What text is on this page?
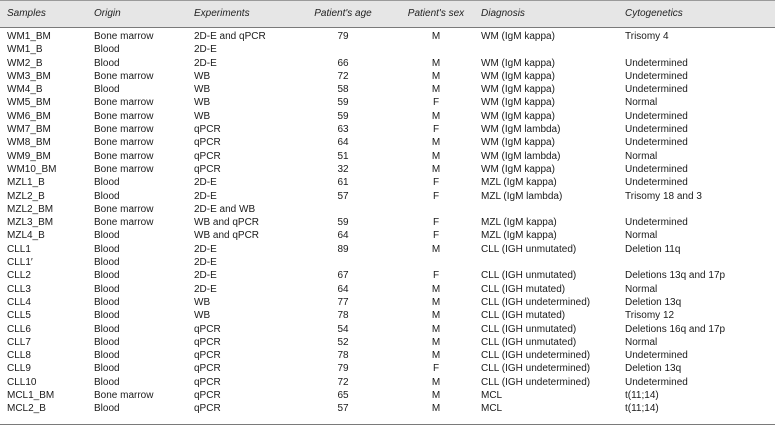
Samples	Origin	Experiments	Patient's age	Patient's sex	Diagnosis	Cytogenetics
WM1_BM	Bone marrow	2D-E and qPCR	79	M	WM (IgM kappa)	Trisomy 4
WM1_B	Blood	2D-E				
WM2_B	Blood	2D-E	66	M	WM (IgM kappa)	Undetermined
WM3_BM	Bone marrow	WB	72	M	WM (IgM kappa)	Undetermined
WM4_B	Blood	WB	58	M	WM (IgM kappa)	Undetermined
WM5_BM	Bone marrow	WB	59	F	WM (IgM kappa)	Normal
WM6_BM	Bone marrow	WB	59	M	WM (IgM kappa)	Undetermined
WM7_BM	Bone marrow	qPCR	63	F	WM (IgM lambda)	Undetermined
WM8_BM	Bone marrow	qPCR	64	M	WM (IgM kappa)	Undetermined
WM9_BM	Bone marrow	qPCR	51	M	WM (IgM lambda)	Normal
WM10_BM	Bone marrow	qPCR	32	M	WM (IgM kappa)	Undetermined
MZL1_B	Blood	2D-E	61	F	MZL (IgM kappa)	Undetermined
MZL2_B	Blood	2D-E	57	F	MZL (IgM lambda)	Trisomy 18 and 3
MZL2_BM	Bone marrow	2D-E and WB				
MZL3_BM	Bone marrow	WB and qPCR	59	F	MZL (IgM kappa)	Undetermined
MZL4_B	Blood	WB and qPCR	64	F	MZL (IgM kappa)	Normal
CLL1	Blood	2D-E	89	M	CLL (IGH unmutated)	Deletion 11q
CLL1′	Blood	2D-E				
CLL2	Blood	2D-E	67	F	CLL (IGH unmutated)	Deletions 13q and 17p
CLL3	Blood	2D-E	64	M	CLL (IGH mutated)	Normal
CLL4	Blood	WB	77	M	CLL (IGH undetermined)	Deletion 13q
CLL5	Blood	WB	78	M	CLL (IGH mutated)	Trisomy 12
CLL6	Blood	qPCR	54	M	CLL (IGH unmutated)	Deletions 16q and 17p
CLL7	Blood	qPCR	52	M	CLL (IGH unmutated)	Normal
CLL8	Blood	qPCR	78	M	CLL (IGH undetermined)	Undetermined
CLL9	Blood	qPCR	79	F	CLL (IGH undetermined)	Deletion 13q
CLL10	Blood	qPCR	72	M	CLL (IGH undetermined)	Undetermined
MCL1_BM	Bone marrow	qPCR	65	M	MCL	t(11;14)
MCL2_B	Blood	qPCR	57	M	MCL	t(11;14)
